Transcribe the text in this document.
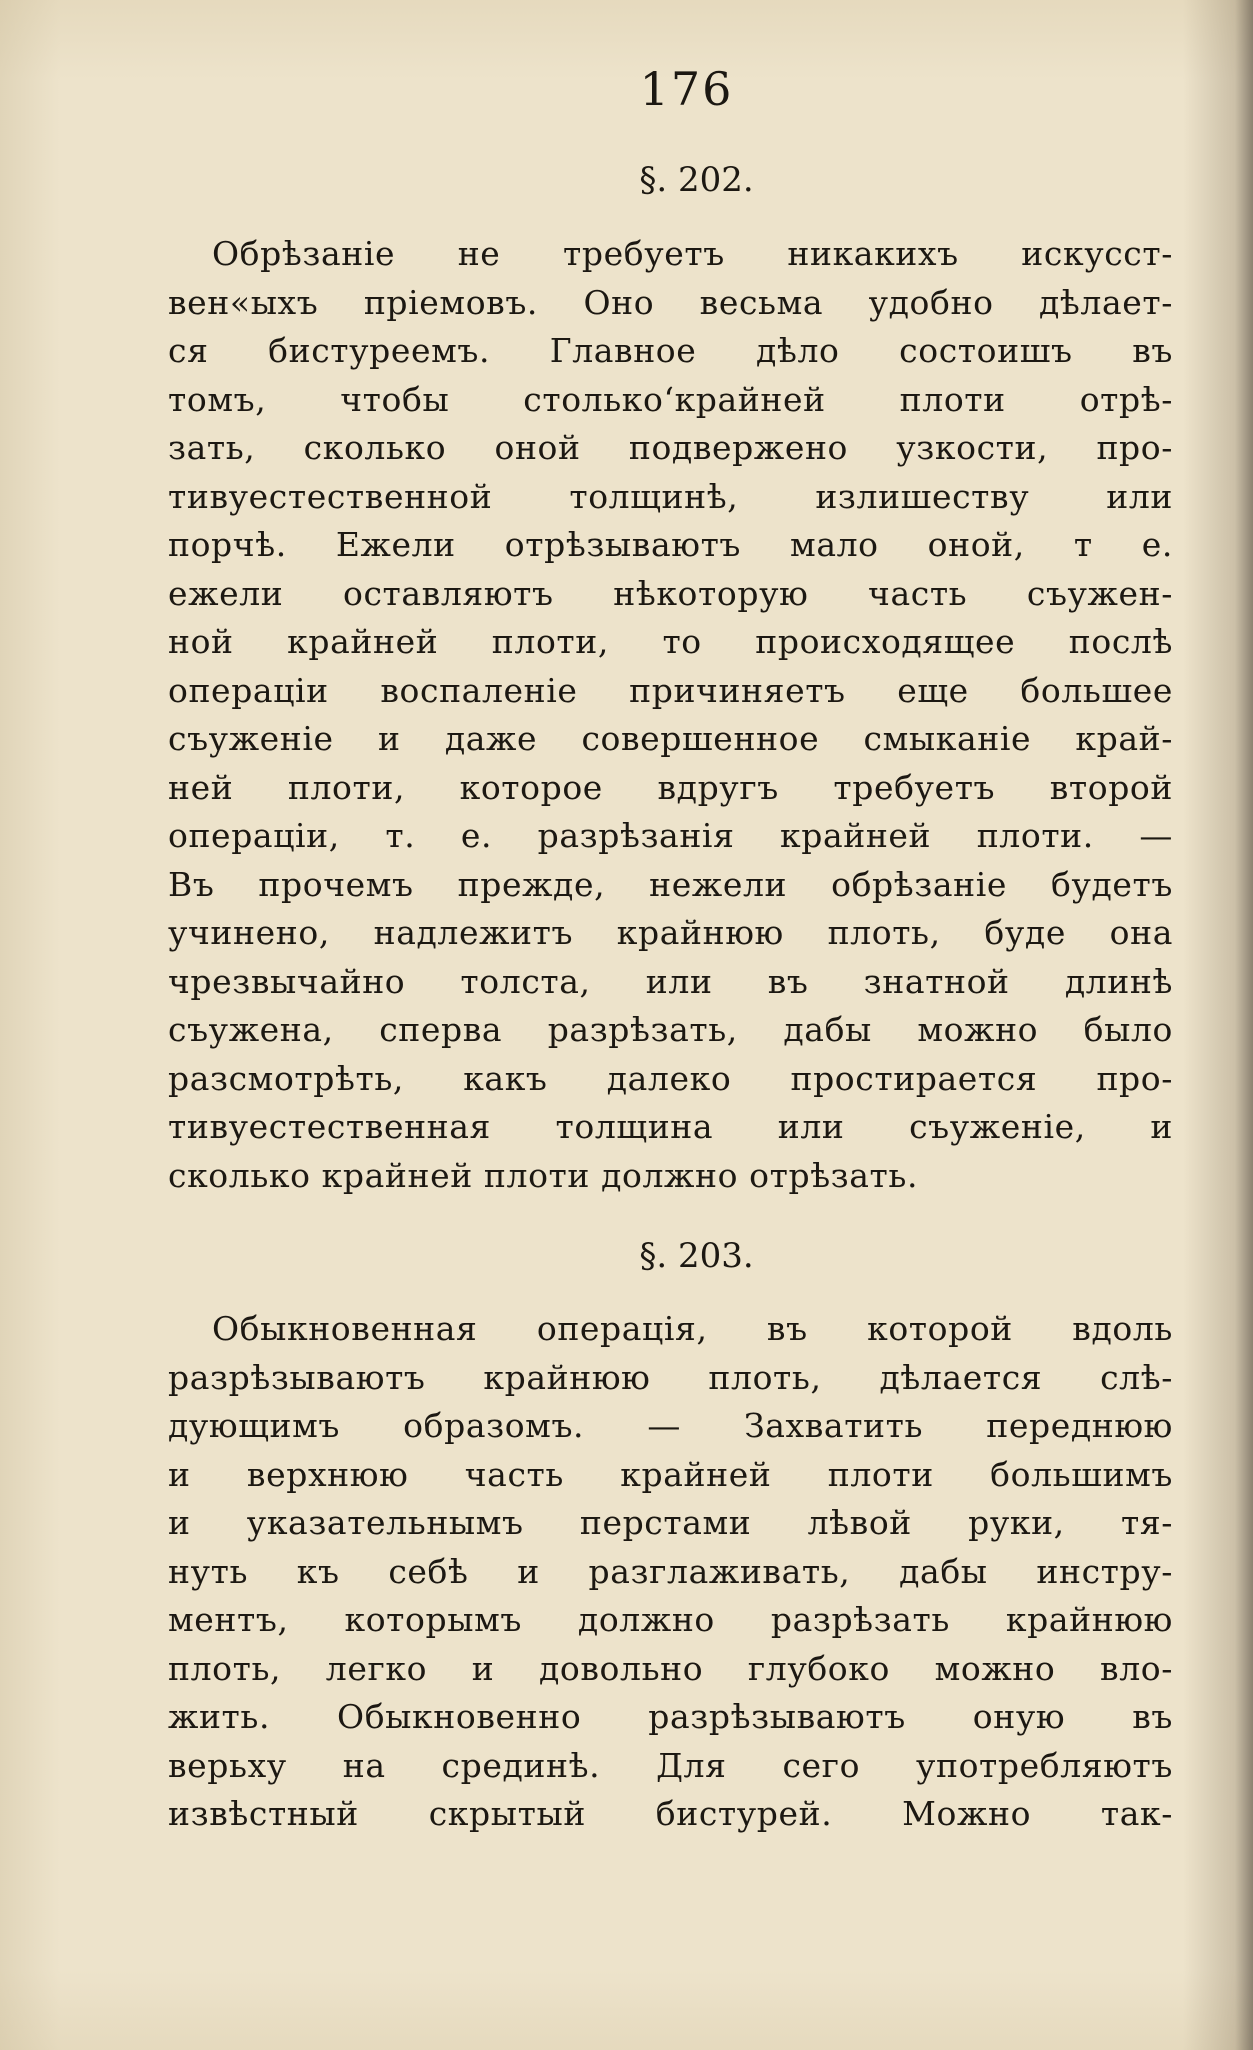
176
§. 202.
Обрѣзаніе не требуетъ никакихъ искусст-
вен«ыхъ пріемовъ. Оно весьма удобно дѣлает-
ся бистуреемъ. Главное дѣло состоишъ въ
томъ, чтобы столько‘крайней плоти отрѣ-
зать, сколько оной подвержено узкости, про-
тивуестественной толщинѣ, излишеству или
порчѣ. Ежели отрѣзываютъ мало оной, т е.
ежели оставляютъ нѣкоторую часть съужен-
ной крайней плоти, то происходящее послѣ
операціи воспаленіе причиняетъ еще большее
съуженіе и даже совершенное смыканіе край-
ней плоти, которое вдругъ требуетъ второй
операціи, т. е. разрѣзанія крайней плоти. —
Въ прочемъ прежде, нежели обрѣзаніе будетъ
учинено, надлежитъ крайнюю плоть, буде она
чрезвычайно толста, или въ знатной длинѣ
съужена, сперва разрѣзать, дабы можно было
разсмотрѣть, какъ далеко простирается про-
тивуестественная толщина или съуженіе, и
сколько крайней плоти должно отрѣзать.
§. 203.
Обыкновенная операція, въ которой вдоль
разрѣзываютъ крайнюю плоть, дѣлается слѣ-
дующимъ образомъ. — Захватить переднюю
и верхнюю часть крайней плоти большимъ
и указательнымъ перстами лѣвой руки, тя-
нуть къ себѣ и разглаживать, дабы инстру-
ментъ, которымъ должно разрѣзать крайнюю
плоть, легко и довольно глубоко можно вло-
жить. Обыкновенно разрѣзываютъ оную въ
верьху на срединѣ. Для сего употребляютъ
извѣстный скрытый бистурей. Можно так-
